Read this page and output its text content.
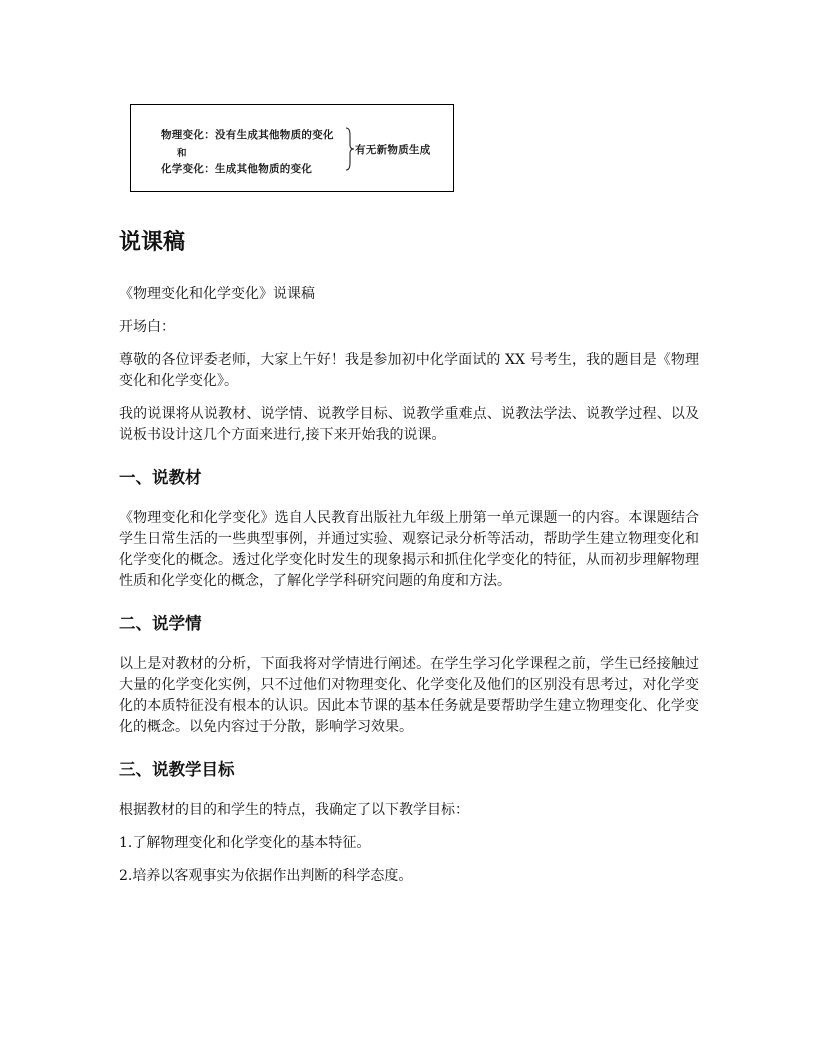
物理变化：没有生成其他物质的变化
和
化学变化：生成其他物质的变化
有无新物质生成
说课稿

《物理变化和化学变化》说课稿

开场白：

尊敬的各位评委老师，大家上午好！我是参加初中化学面试的 XX 号考生，我的题目是《物理变化和化学变化》。

我的说课将从说教材、说学情、说教学目标、说教学重难点、说教法学法、说教学过程、以及说板书设计这几个方面来进行,接下来开始我的说课。

一、说教材

《物理变化和化学变化》选自人民教育出版社九年级上册第一单元课题一的内容。本课题结合学生日常生活的一些典型事例，并通过实验、观察记录分析等活动，帮助学生建立物理变化和化学变化的概念。透过化学变化时发生的现象揭示和抓住化学变化的特征，从而初步理解物理性质和化学变化的概念，了解化学学科研究问题的角度和方法。

二、说学情

以上是对教材的分析，下面我将对学情进行阐述。在学生学习化学课程之前，学生已经接触过大量的化学变化实例，只不过他们对物理变化、化学变化及他们的区别没有思考过，对化学变化的本质特征没有根本的认识。因此本节课的基本任务就是要帮助学生建立物理变化、化学变化的概念。以免内容过于分散，影响学习效果。

三、说教学目标

根据教材的目的和学生的特点，我确定了以下教学目标：

1.了解物理变化和化学变化的基本特征。

2.培养以客观事实为依据作出判断的科学态度。
